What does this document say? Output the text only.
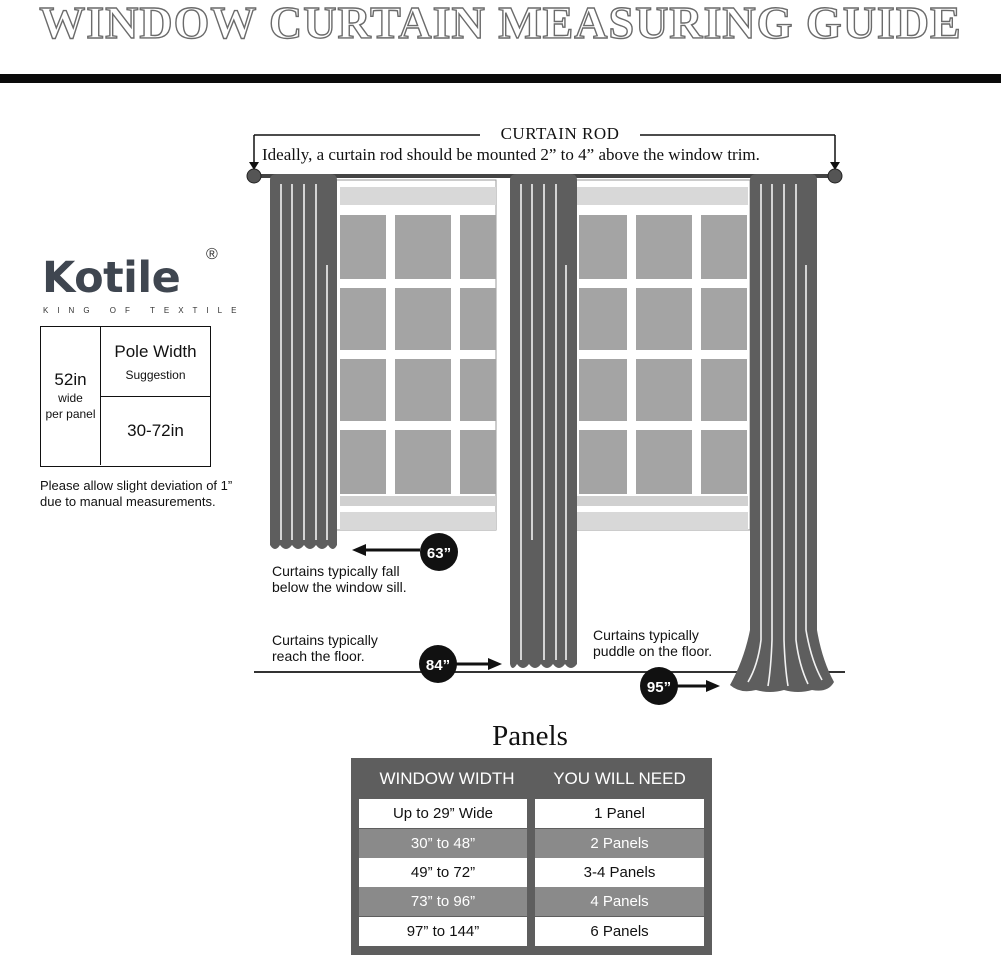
WINDOW CURTAIN MEASURING GUIDE
63”
84”
95”
CURTAIN ROD
Ideally, a curtain rod should be mounted 2” to 4” above the window trim.
Kotile ®
KING OF TEXTILE
52in
wide
per panel
Pole Width
Suggestion
30-72in
Please allow slight deviation of 1”
due to manual measurements.
Curtains typically fall
below the window sill.
Curtains typically
reach the floor.
Curtains typically
puddle on the floor.
Panels
WINDOW WIDTH	YOU WILL NEED
Up to 29” Wide	1 Panel
30” to 48”	2 Panels
49” to 72”	3-4 Panels
73” to 96”	4 Panels
97” to 144”	6 Panels
